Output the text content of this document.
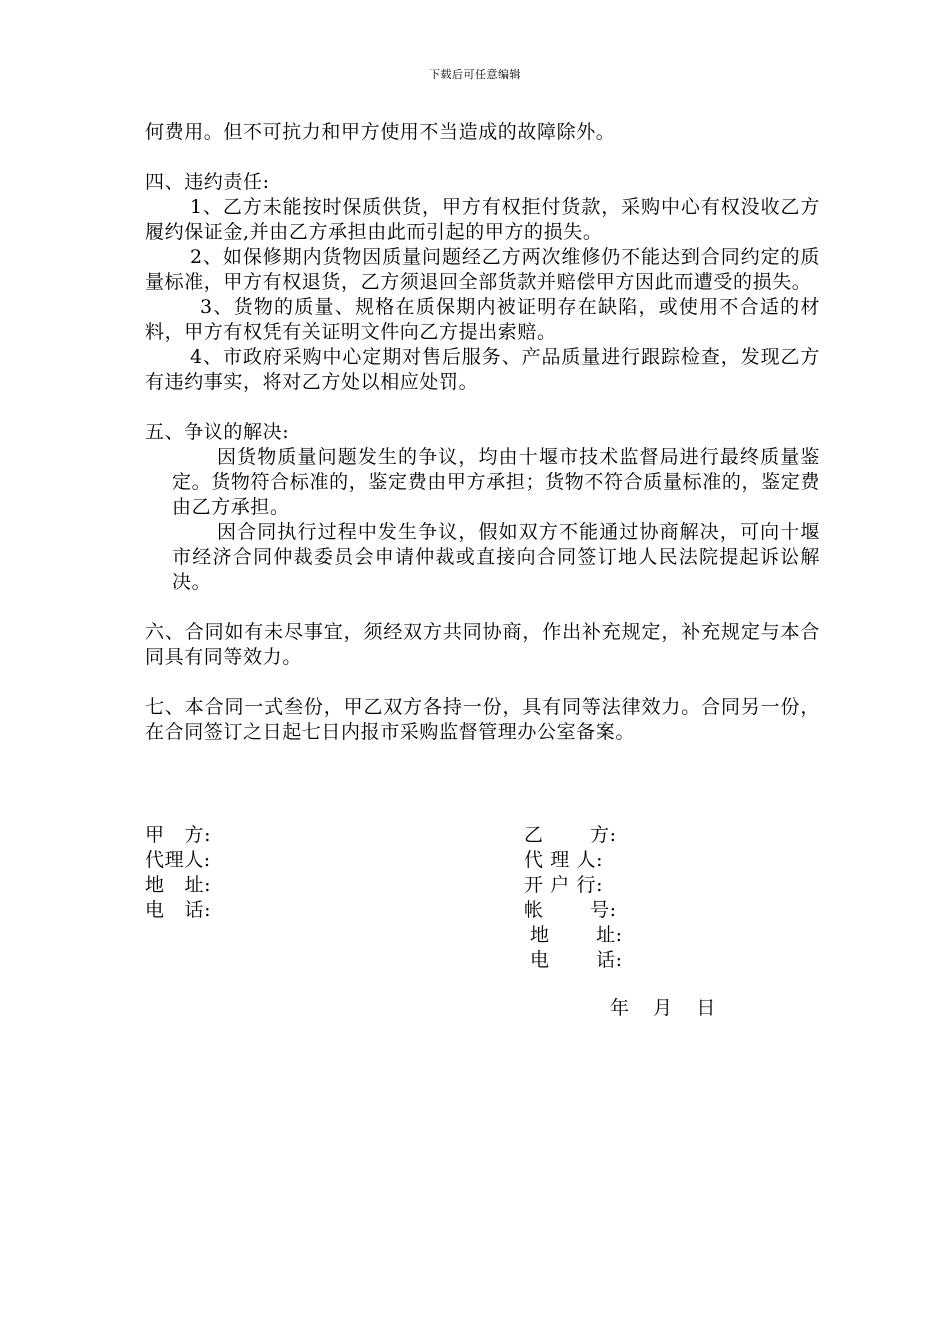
下载后可任意编辑

何费用。但不可抗力和甲方使用不当造成的故障除外。

四、违约责任:

1、乙方未能按时保质供货，甲方有权拒付货款，采购中心有权没收乙方履约保证金,并由乙方承担由此而引起的甲方的损失。

2、如保修期内货物因质量问题经乙方两次维修仍不能达到合同约定的质量标准，甲方有权退货，乙方须退回全部货款并赔偿甲方因此而遭受的损失。

3、货物的质量、规格在质保期内被证明存在缺陷，或使用不合适的材料，甲方有权凭有关证明文件向乙方提出索赔。

4、市政府采购中心定期对售后服务、产品质量进行跟踪检查，发现乙方有违约事实，将对乙方处以相应处罚。

五、争议的解决:

因货物质量问题发生的争议，均由十堰市技术监督局进行最终质量鉴定。货物符合标准的，鉴定费由甲方承担；货物不符合质量标准的，鉴定费由乙方承担。

因合同执行过程中发生争议，假如双方不能通过协商解决，可向十堰市经济合同仲裁委员会申请仲裁或直接向合同签订地人民法院提起诉讼解决。

六、合同如有未尽事宜，须经双方共同协商，作出补充规定，补充规定与本合同具有同等效力。

七、本合同一式叁份，甲乙双方各持一份，具有同等法律效力。合同另一份，在合同签订之日起七日内报市采购监督管理办公室备案。

甲   方:
代理人:
地   址:
电   话:
乙       方:
代 理 人:
开 户 行:
帐       号:
地       址:
电       话:
年    月    日
